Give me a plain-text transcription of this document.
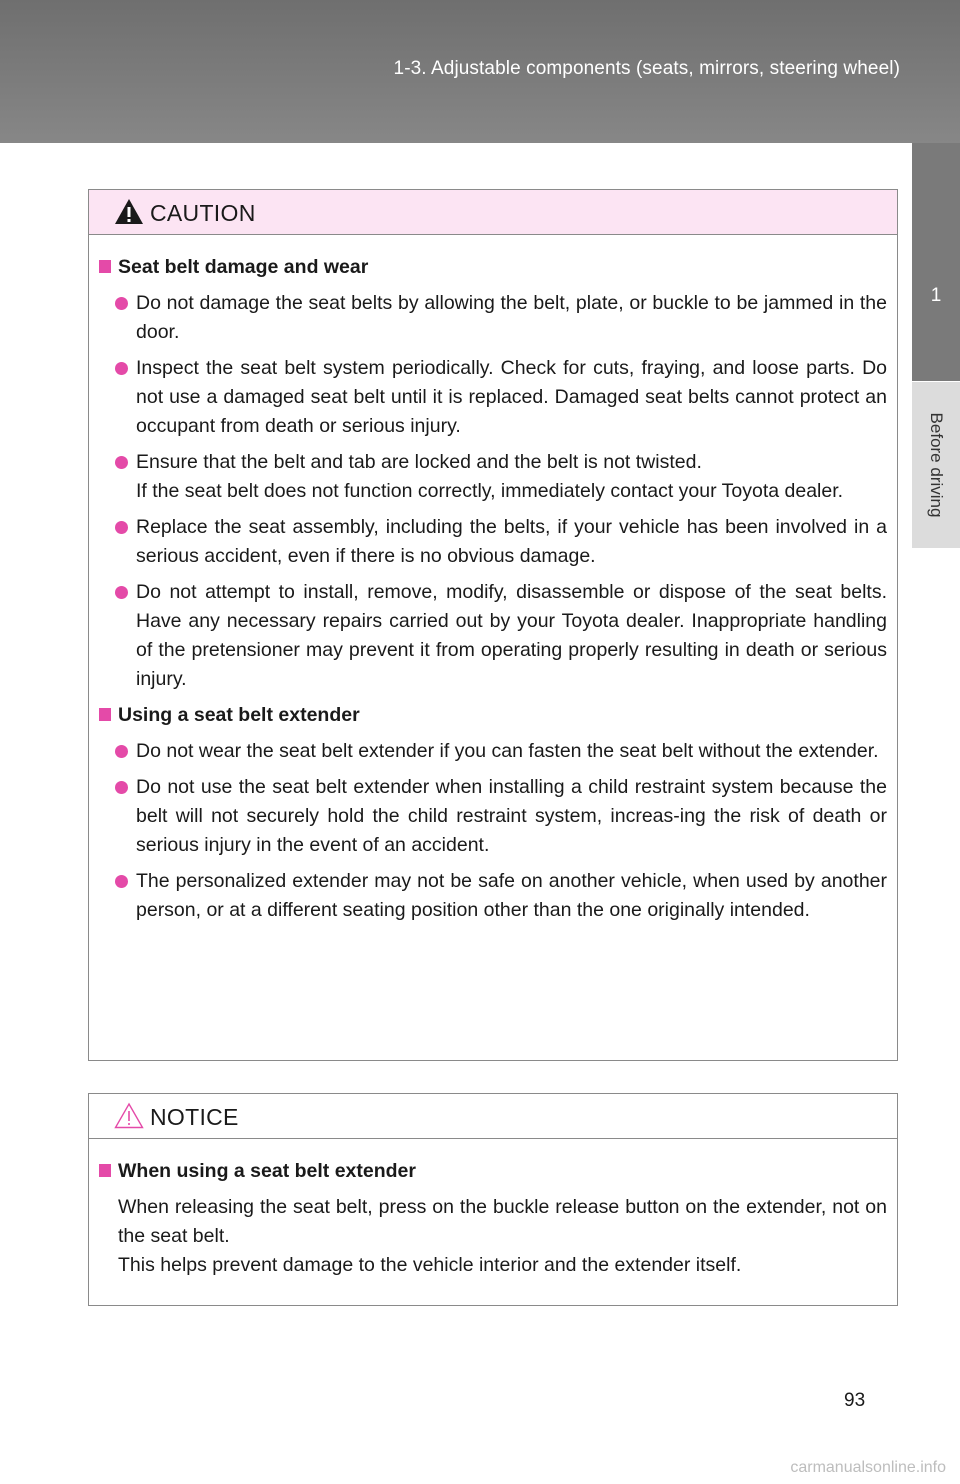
1-3. Adjustable components (seats, mirrors, steering wheel)
1
Before driving
CAUTION
Seat belt damage and wear

Do not damage the seat belts by allowing the belt, plate, or buckle to be jammed in the door.

Inspect the seat belt system periodically. Check for cuts, fraying, and loose parts. Do not use a damaged seat belt until it is replaced. Damaged seat belts cannot protect an occupant from death or serious injury.

Ensure that the belt and tab are locked and the belt is not twisted.

If the seat belt does not function correctly, immediately contact your Toyota dealer.

Replace the seat assembly, including the belts, if your vehicle has been involved in a serious accident, even if there is no obvious damage.

Do not attempt to install, remove, modify, disassemble or dispose of the seat belts. Have any necessary repairs carried out by your Toyota dealer. Inappropriate handling of the pretensioner may prevent it from operating properly resulting in death or serious injury.

Using a seat belt extender

Do not wear the seat belt extender if you can fasten the seat belt without the extender.

Do not use the seat belt extender when installing a child restraint system because the belt will not securely hold the child restraint system, increas-ing the risk of death or serious injury in the event of an accident.

The personalized extender may not be safe on another vehicle, when used by another person, or at a different seating position other than the one originally intended.

NOTICE
When using a seat belt extender

When releasing the seat belt, press on the buckle release button on the extender, not on the seat belt.

This helps prevent damage to the vehicle interior and the extender itself.

93
carmanualsonline.info
